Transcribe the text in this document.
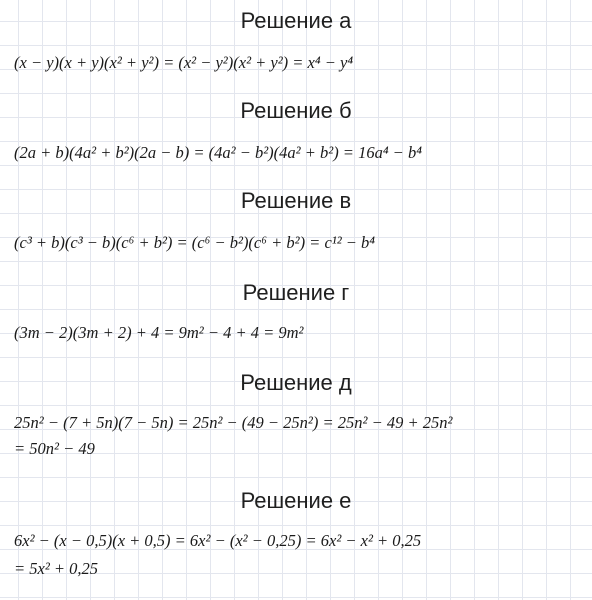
Решение а
(x − y)(x + y)(x² + y²) = (x² − y²)(x² + y²) = x⁴ − y⁴
Решение б
(2a + b)(4a² + b²)(2a − b) = (4a² − b²)(4a² + b²) = 16a⁴ − b⁴
Решение в
(c³ + b)(c³ − b)(c⁶ + b²) = (c⁶ − b²)(c⁶ + b²) = c¹² − b⁴
Решение г
(3m − 2)(3m + 2) + 4 = 9m² − 4 + 4 = 9m²
Решение д
25n² − (7 + 5n)(7 − 5n) = 25n² − (49 − 25n²) = 25n² − 49 + 25n²
= 50n² − 49
Решение е
6x² − (x − 0,5)(x + 0,5) = 6x² − (x² − 0,25) = 6x² − x² + 0,25
= 5x² + 0,25
